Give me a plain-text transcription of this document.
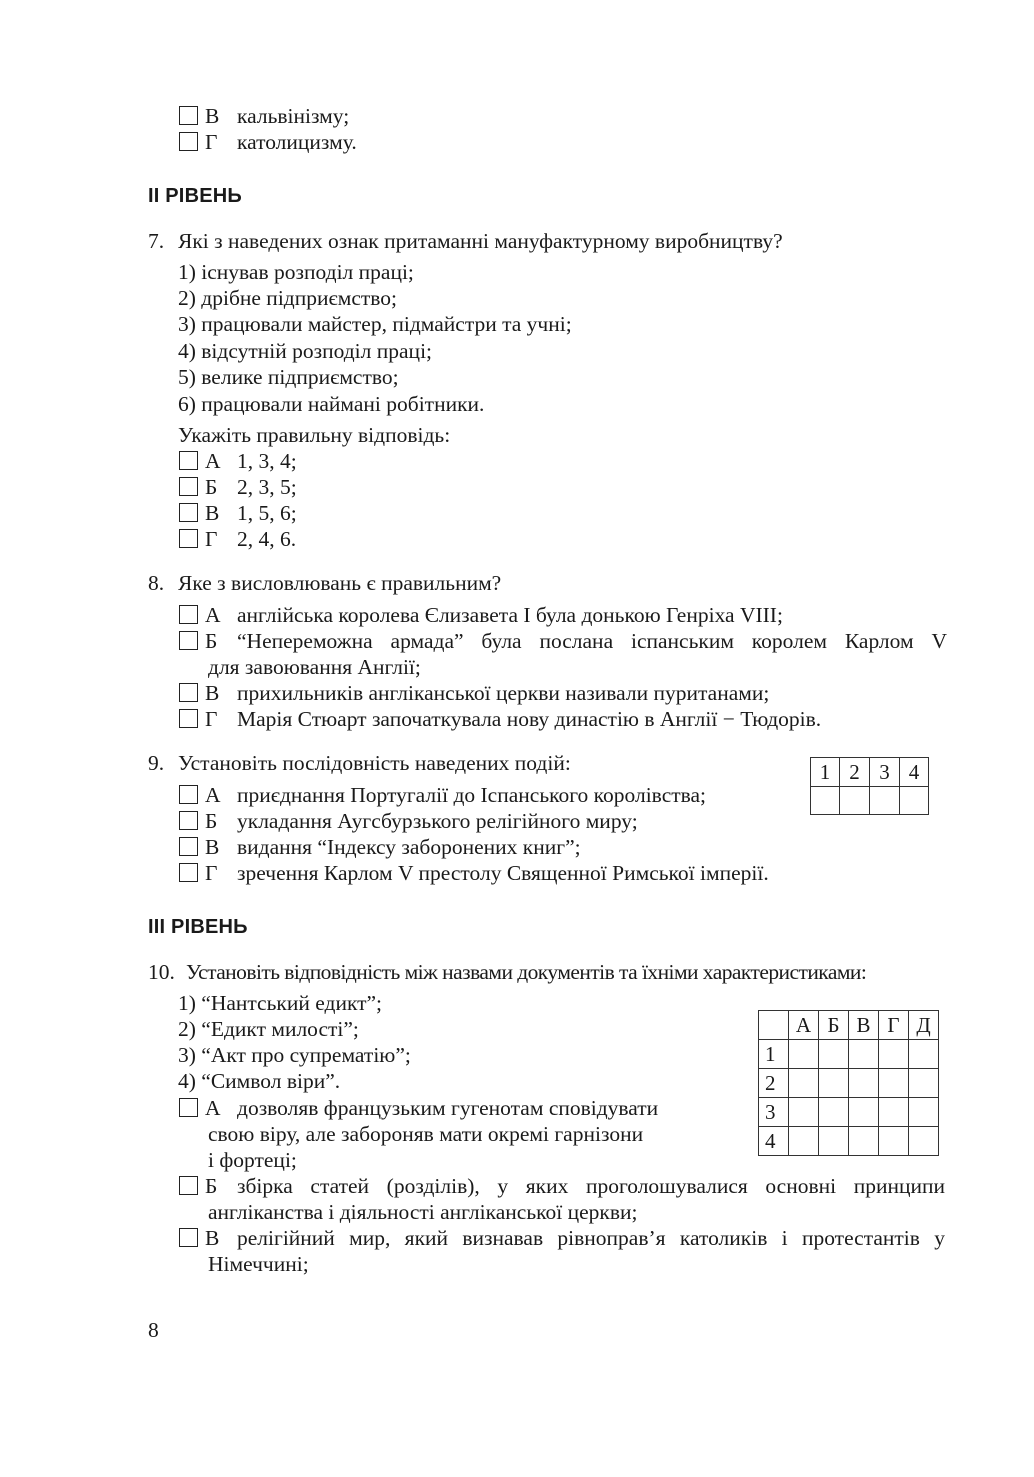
В кальвінізму;
Г католицизму.
ІІ РІВЕНЬ
7. Які з наведених ознак притаманні мануфактурному виробництву?
1) існував розподіл праці;
2) дрібне підприємство;
3) працювали майстер, підмайстри та учні;
4) відсутній розподіл праці;
5) велике підприємство;
6) працювали наймані робітники.
Укажіть правильну відповідь:
А 1, 3, 4;
Б 2, 3, 5;
В 1, 5, 6;
Г 2, 4, 6.
8. Яке з висловлювань є правильним?
А англійська королева Єлизавета І була донькою Генріха VIII;
Б “Непереможна армада” була послана іспанським королем Карлом V
для завоювання Англії;
В прихильників англіканської церкви називали пуританами;
Г Марія Стюарт започаткувала нову династію в Англії − Тюдорів.
9. Установіть послідовність наведених подій:	1	2	3	4

А приєднання Португалії до Іспанського королівства;
Б укладання Аугсбурзького релігійного миру;
В видання “Індексу заборонених книг”;
Г зречення Карлом V престолу Священної Римської імперії.
ІІІ РІВЕНЬ
10. Установіть відповідність між назвами документів та їхніми характеристиками:
1) “Нантський едикт”;
2) “Едикт милості”;
3) “Акт про супрематію”;
4) “Символ віри”.
	А	Б	В	Г	Д
1					
2					
3					
4					
А дозволяв французьким гугенотам сповідувати
свою віру, але забороняв мати окремі гарнізони
і фортеці;
Б збірка статей (розділів), у яких проголошувалися основні принципи
англіканства і діяльності англіканської церкви;
В релігійний мир, який визнавав рівноправ’я католиків і протестантів у
Німеччині;
8
